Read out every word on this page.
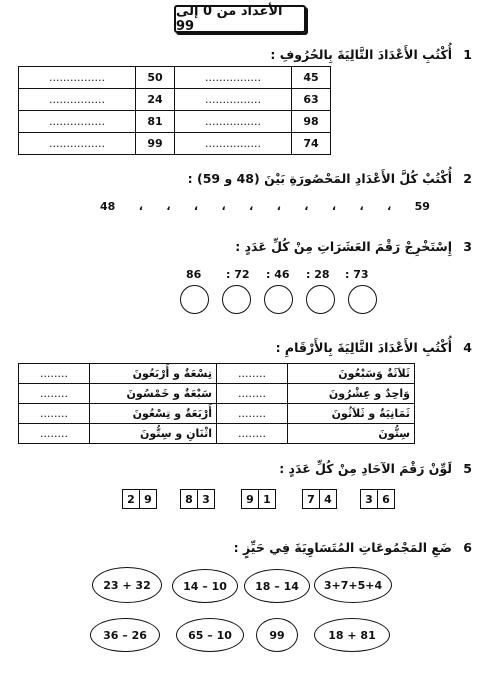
الأعداد من 0 إلى 99
1أُكْتُبِ الأَعْدَادَ التَّالِيَةَ بِالحُرُوفِ :
................	50	................	45
................	24	................	63
................	81	................	98
................	99	................	74
2أُكْتُبْ كُلَّ الأَعْدَادِ المَحْصُورَةِ بَيْنَ (48 و 59) :
48 ، ، ، ، ، ، ، ، ، ، 59
3إِسْتَخْرِجْ رَقْمَ العَشَرَاتِ مِنْ كُلِّ عَدَدٍ :
86 : 72 : 46 : 28 : 73
4أُكْتُبِ الأَعْدَادَ التَّالِيَةَ بِالأَرْقَامِ :
ثَلاَثَةٌ وَسَبْعُونَ	........	تِسْعَةٌ و أَرْبَعُونَ	........
وَاحِدٌ و عِشْرُونَ	........	سَبْعَةٌ و خَمْسُونَ	........
ثَمَانِيَةٌ و ثَلاَثُونَ	........	أَرْبَعَةٌ و تِسْعُونَ	........
سِتُّونَ	........	اثْنَانِ و سِتُّونَ	........
5لَوِّنْ رَقْمَ الآحَادِ مِنْ كُلِّ عَدَدٍ :
2 9	8 3	9 1	7 4	3 6
6ضَعِ المَجْمُوعَاتِ المُتَسَاوِيَةَ فِي حَيِّزٍ :
23 + 32	14 – 10	18 – 14	3+7+5+4
36 – 26	65 – 10	99	18 + 81
